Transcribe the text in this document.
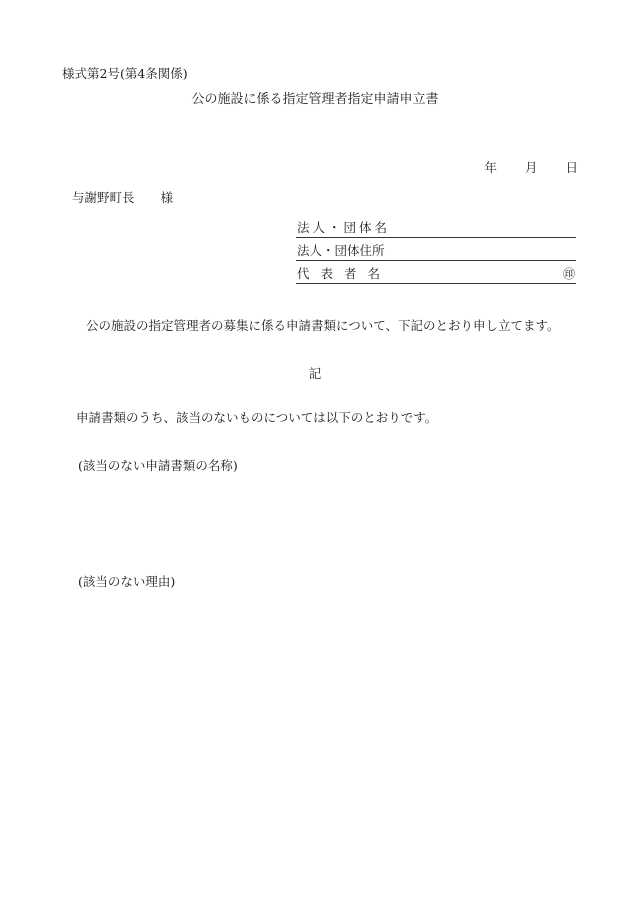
様式第2号(第4条関係)
公の施設に係る指定管理者指定申請申立書
年 月 日
与謝野町長 様
法人・団体名
法人・団体住所
代表者名	㊞
公の施設の指定管理者の募集に係る申請書類について、下記のとおり申し立てます。
記
申請書類のうち、該当のないものについては以下のとおりです。
(該当のない申請書類の名称)
(該当のない理由)
